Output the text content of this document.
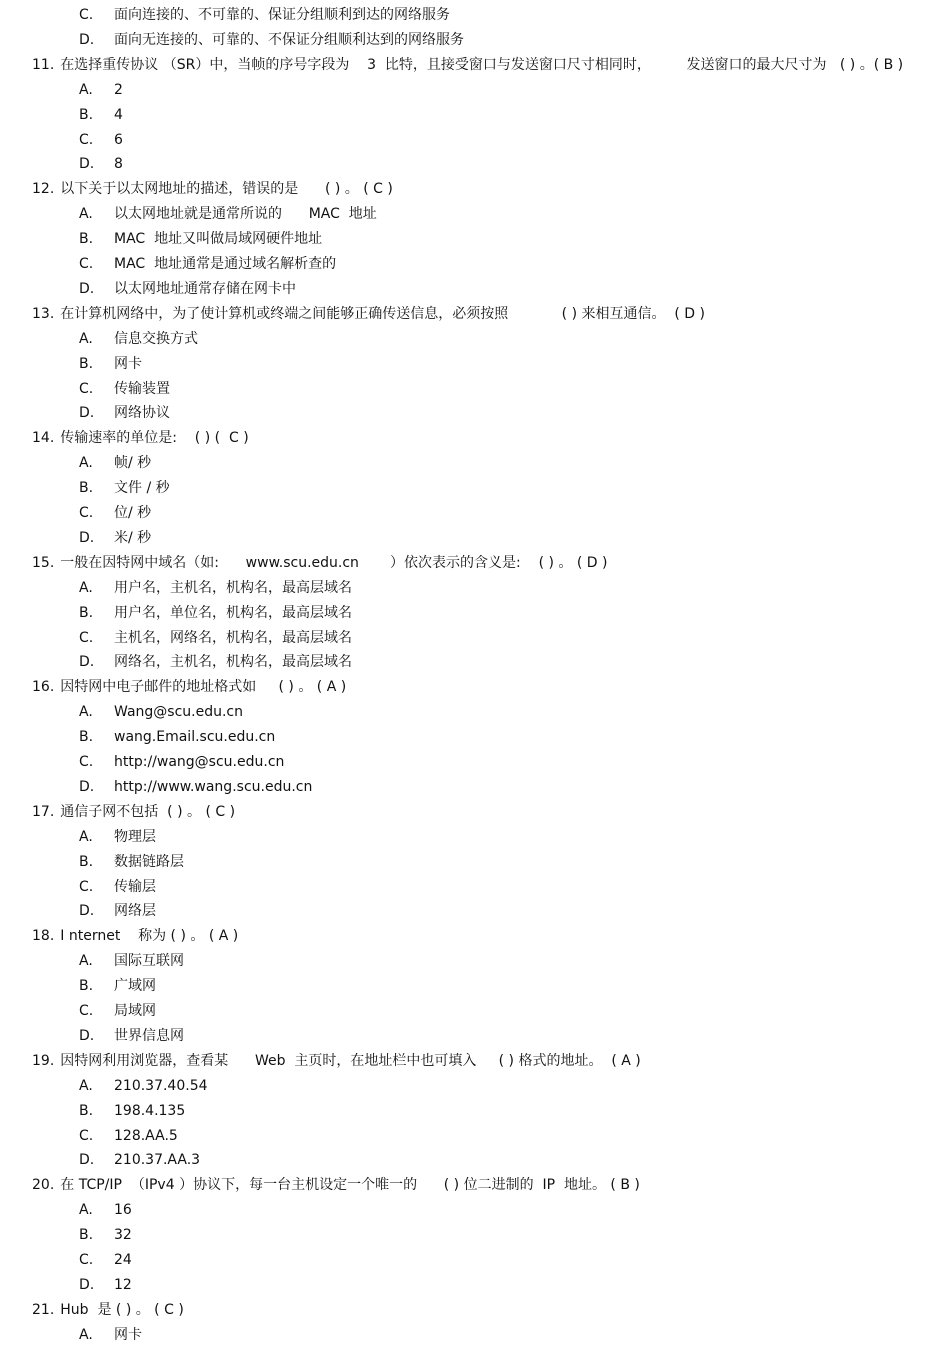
C. 面向连接的、不可靠的、保证分组顺利到达的网络服务
D. 面向无连接的、可靠的、不保证分组顺利达到的网络服务
11. 在选择重传协议 （SR）中，当帧的序号字段为    3  比特，且接受窗口与发送窗口尺寸相同时，        发送窗口的最大尺寸为   ( ) 。( B )
A. 2
B. 4
C. 6
D. 8
12. 以下关于以太网地址的描述，错误的是      ( ) 。 ( C )
A. 以太网地址就是通常所说的      MAC  地址
B. MAC  地址又叫做局域网硬件地址
C. MAC  地址通常是通过域名解析查的
D. 以太网地址通常存储在网卡中
13. 在计算机网络中，为了使计算机或终端之间能够正确传送信息，必须按照            ( ) 来相互通信。  ( D )
A. 信息交换方式
B. 网卡
C. 传输装置
D. 网络协议
14. 传输速率的单位是:    ( ) (  C )
A. 帧/ 秒
B. 文件 / 秒
C. 位/ 秒
D. 米/ 秒
15. 一般在因特网中域名（如:      www.scu.edu.cn       ）依次表示的含义是:    ( ) 。 ( D )
A. 用户名，主机名，机构名，最高层域名
B. 用户名，单位名，机构名，最高层域名
C. 主机名，网络名，机构名，最高层域名
D. 网络名，主机名，机构名，最高层域名
16. 因特网中电子邮件的地址格式如     ( ) 。 ( A )
A. Wang@scu.edu.cn
B. wang.Email.scu.edu.cn
C. http://wang@scu.edu.cn
D. http://www.wang.scu.edu.cn
17. 通信子网不包括  ( ) 。 ( C )
A. 物理层
B. 数据链路层
C. 传输层
D. 网络层
18. I nternet    称为 ( ) 。 ( A )
A. 国际互联网
B. 广域网
C. 局域网
D. 世界信息网
19. 因特网利用浏览器，查看某      Web  主页时，在地址栏中也可填入     ( ) 格式的地址。  ( A )
A. 210.37.40.54
B. 198.4.135
C. 128.AA.5
D. 210.37.AA.3
20. 在 TCP/IP  （IPv4 ）协议下，每一台主机设定一个唯一的      ( ) 位二进制的  IP  地址。 ( B )
A. 16
B. 32
C. 24
D. 12
21. Hub  是 ( ) 。 ( C )
A. 网卡
